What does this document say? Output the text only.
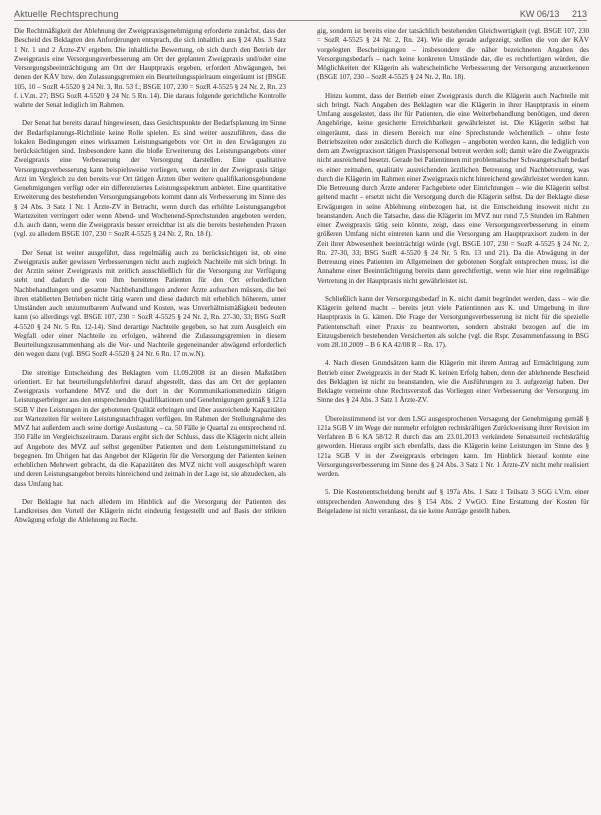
Aktuelle Rechtsprechung	KW 06/13 213

Die Rechtmäßigkeit der Ablehnung der Zweigpraxisgenehmigung erforderte zunächst, dass der Bescheid des Beklagten den Anforderungen entsprach, die sich inhaltlich aus § 24 Abs. 3 Satz 1 Nr. 1 und 2 Ärzte-ZV ergeben. Die inhaltliche Bewertung, ob sich durch den Betrieb der Zweigpraxis eine Versorgungsverbesserung am Ort der geplanten Zweigpraxis und/oder eine Versorgungsbeeinträchtigung am Ort der Hauptpraxis ergeben, erfordert Abwägungen, bei denen der KÄV bzw. den Zulassungsgremien ein Beurteilungsspielraum eingeräumt ist (BSGE 105, 10 – SozR 4-5520 § 24 Nr. 3, Rn. 53 f.; BSGE 107, 230 = SozR 4-5525 § 24 Nr. 2, Rn. 23 f. i.V.m. 27; BSG SozR 4-5520 § 24 Nr. 5 Rn. 14). Die daraus folgende gerichtliche Kontrolle wahrte der Senat lediglich im Rahmen.

Der Senat hat bereits darauf hingewiesen, dass Gesichtspunkte der Bedarfsplanung im Sinne der Bedarfsplanungs-Richtlinie keine Rolle spielen. Es sind weiter auszuführen, dass die lokalen Bedingungen eines wirksamen Leistungsangebots vor Ort in den Erwägungen zu berücksichtigen sind. Insbesondere kann die bloße Erweiterung des Leistungsangebots einer Zweigpraxis eine Verbesserung der Versorgung darstellen. Eine qualitative Versorgungsverbesserung kann beispielsweise vorliegen, wenn der in der Zweigpraxis tätige Arzt im Vergleich zu den bereits vor Ort tätigen Ärzten über weitere qualifikationsgebundene Genehmigungen verfügt oder ein differenziertes Leistungsspektrum anbietet. Eine quantitative Erweiterung des bestehenden Versorgungsangebots kommt dann als Verbesserung im Sinne des § 24 Abs. 3 Satz 1 Nr. 1 Ärzte-ZV in Betracht, wenn durch das erhöhte Leistungsangebot Wartezeiten verringert oder wenn Abend- und Wochenend-Sprechstunden angeboten werden, d.h. auch dann, wenn die Zweigpraxis besser erreichbar ist als die bereits bestehenden Praxen (vgl. zu alledem BSGE 107, 230 = SozR 4-5525 § 24 Nr. 2, Rn. 18 f).

Der Senat ist weiter ausgeführt, dass regelmäßig auch zu berücksichtigen ist, ob eine Zweigpraxis außer gewissen Verbesserungen nicht auch zugleich Nachteile mit sich bringt. In der Arztin seiner Zweigpraxis mit zeitlich ausschließlich für die Versorgung zur Verfügung steht und dadurch die von ihm bereiteten Patienten für den Ort erforderlichen Nachbehandlungen und gesamte Nachbehandlungen anderer Ärzte aufsuchen müssen, die bei ihren etablierten Betrieben nicht tätig waren und diese dadurch mit erheblich höherem, unter Umständen auch unzumutbarem Aufwand und Kosten, was Unverhältnismäßigkeit bedeuten kann (so allerdings vgl. BSGE 107, 230 = SozR 4-5525 § 24 Nr. 2, Rn. 27-30, 33; BSG SozR 4-5520 § 24 Nr. 5 Rn. 12-14). Sind derartige Nachteile gegeben, so hat zum Ausgleich ein Wegfall oder einer Nachteile zu erfolgen, während die Zulassungsgremien in diesem Beurteilungszusammenhang als die Vor- und Nachteile gegeneinander abwägend erforderlich den wegen dazu (vgl. BSG SozR 4-5520 § 24 Nr. 6 Rn. 17 m.w.N).

Die streitige Entscheidung des Beklagten vom 11.09.2008 ist an diesen Maßstäben orientiert. Er hat beurteilungsfehlerfrei darauf abgestellt, dass das am Ort der geplanten Zweigpraxis vorhandene MVZ und die dort in der Kommunikationsmedizin tätigen Leistungserbringer aus den entsprechenden Qualifikationen und Genehmigungen gemäß § 121a SGB V ihre Leistungen in der gebotenen Qualität erbringen und über ausreichende Kapazitäten zur Wartezeiten für weitere Leistungsnachfragen verfügen. Im Rahmen der Stellungnahme des MVZ hat außerdem auch seine dortige Auslastung – ca. 50 Fälle je Quartal zu entsprechend rd. 350 Fälle im Vergleichszeitraum. Daraus ergibt sich der Schluss, dass die Klägerin nicht allein auf Angebote des MVZ auf selbst gegenüber Patienten und dem Leistungsmittelstand zu begegnen. Im Übrigen hat das Angebot der Klägerin für die Versorgung der Patienten keinen erheblichen Mehrwert gebracht, da die Kapazitäten des MVZ nicht voll ausgeschöpft waren und deren Leistungsangebot bereits hinreichend und zeitnah in der Lage ist, sie abzudecken, als dass Umfang hat.

Der Beklagte hat nach alledem im Hinblick auf die Versorgung der Patienten des Landkreises den Vorteil der Klägerin nicht eindeutig festgestellt und auf Basis der strikten Abwägung erfolgt die Ablehnung zu Recht.

gig, sondern ist bereits eine der tatsächlich bestehenden Gleichwertigkeit (vgl. BSGE 107, 230 = SozR 4-5525 § 24 Nr. 2, Rn. 24). Wie die gerade aufgezeigt, stellen die von der KÄV vorgelegten Bescheinigungen – insbesondere die näher bezeichneten Angaben des Versorgungsbedarfs – nach keine konkreten Umstände dar, die es rechtfertigen würden, die Möglichkeiten der Klägerin als wahrscheinliche Verbesserung der Versorgung anzuerkennen (BSGE 107, 230 – SozR 4-5525 § 24 Nr. 2, Rn. 18).

Hinzu kommt, dass der Betrieb einer Zweigpraxis durch die Klägerin auch Nachteile mit sich bringt. Nach Angaben des Beklagten war die Klägerin in ihrer Hauptpraxis in einem Umfang ausgelastet, dass ihr für Patienten, die eine Weiterbehandlung benötigen, und deren Angehörige, keine gesicherte Erreichbarkeit gewährleistet ist. Die Klägerin selbst hat eingeräumt, dass in diesem Bereich nur eine Sprechstunde wöchentlich – ohne feste Betriebszeiten oder zusätzlich durch die Kollegen – angeboten werden kann, die lediglich von dem am Zweigpraxisort tätigen Praxispersonal betreut werden soll; damit wäre die Zweigpraxis nicht ausreichend besetzt. Gerade bei Patientinnen mit problematischer Schwangerschaft bedarf es einer zeitnahen, qualitativ ausreichenden ärztlichen Betreuung und Nachbetreuung, was durch die Klägerin im Rahmen einer Zweigpraxis nicht hinreichend gewährleistet werden kann. Die Betreuung durch Ärzte anderer Fachgebiete oder Einrichtungen – wie die Klägerin selbst geltend macht – ersetzt nicht die Versorgung durch die Klägerin selbst. Da der Beklagte diese Erwägungen in seine Ablehnung einbezogen hat, ist die Entscheidung insoweit nicht zu beanstanden. Auch die Tatsache, dass die Klägerin im MVZ nur rund 7,5 Stunden im Rahmen einer Zweigpraxis tätig sein könnte, zeigt, dass eine Versorgungsverbesserung in einem größeren Umfang nicht eintreten kann und die Versorgung am Hauptpraxisort zudem in der Zeit ihrer Abwesenheit beeinträchtigt würde (vgl. BSGE 107, 230 = SozR 4-5525 § 24 Nr. 2, Rn. 27-30, 33; BSG SozR 4-5520 § 24 Nr. 5 Rn. 13 und 21). Da die Abwägung in der Betreuung eines Patienten im Allgemeinen der gebotenen Sorgfalt entsprechen muss, ist die Annahme einer Beeinträchtigung bereits dann gerechtfertigt, wenn wie hier eine regelmäßige Vertretung in der Hauptpraxis nicht gewährleistet ist.

Schließlich kann der Versorgungsbedarf in K. nicht damit begründet werden, dass – wie die Klägerin geltend macht – bereits jetzt viele Patientinnen aus K. und Umgebung in ihre Hauptpraxis in G. kämen. Die Frage der Versorgungsverbesserung ist nicht für die spezielle Patientenschaft einer Praxis zu beantworten, sondern abstrakt bezogen auf die im Einzugsbereich bestehenden Versicherten als solche (vgl. die Rspr. Zusammenfassung in BSG vom 28.10.2009 – B 6 KA 42/08 R – Rn. 17).

4. Nach diesen Grundsätzen kann die Klägerin mit ihrem Antrag auf Ermächtigung zum Betrieb einer Zweigpraxis in der Stadt K. keinen Erfolg haben, denn der ablehnende Bescheid des Beklagten ist nicht zu beanstanden, wie die Ausführungen zu 3. aufgezeigt haben. Der Beklagte verneinte ohne Rechtsverstoß das Vorliegen einer Verbesserung der Versorgung im Sinne des § 24 Abs. 3 Satz 1 Ärzte-ZV.

Übereinstimmend ist vor dem LSG ausgesprochenen Versagung der Genehmigung gemäß § 121a SGB V im Wege der nunmehr erfolgten rechtskräftigen Zurückweisung ihrer Revision im Verfahren B 6 KA 58/12 R durch das am 23.01.2013 verkündete Senatsurteil rechtskräftig geworden. Hieraus ergibt sich ebenfalls, dass die Klägerin keine Leistungen im Sinne des § 121a SGB V in der Zweigpraxis erbringen kann. Im Hinblick hierauf konnte eine Versorgungsverbesserung im Sinne des § 24 Abs. 3 Satz 1 Nr. 1 Ärzte-ZV nicht mehr realisiert werden.

5. Die Kostenentscheidung beruht auf § 197a Abs. 1 Satz 1 Teilsatz 3 SGG i.V.m. einer entsprechenden Anwendung des § 154 Abs. 2 VwGO. Eine Erstattung der Kosten für Beigeladene ist nicht veranlasst, da sie keine Anträge gestellt haben.
